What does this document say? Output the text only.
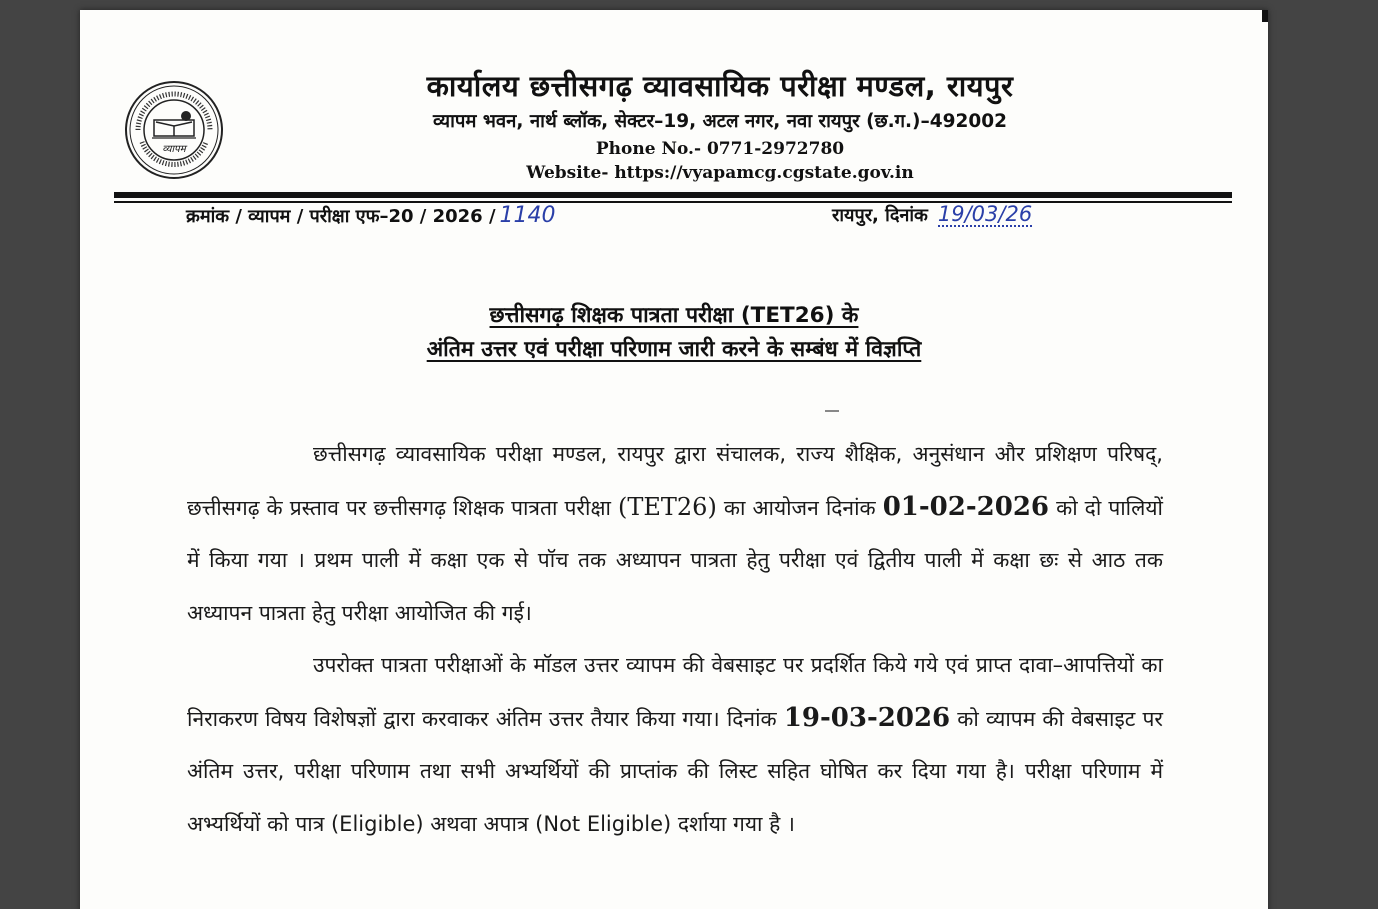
व्यापम
कार्यालय छत्तीसगढ़ व्यावसायिक परीक्षा मण्डल, रायपुर
व्यापम भवन, नार्थ ब्लॉक, सेक्टर–19, अटल नगर, नवा रायपुर (छ.ग.)–492002
Phone No.- 0771-2972780
Website- https://vyapamcg.cgstate.gov.in
क्रमांक / व्यापम / परीक्षा एफ–20 / 2026 / 1140	रायपुर, दिनांक 19/03/26
छत्तीसगढ़ शिक्षक पात्रता परीक्षा (TET26) के
अंतिम उत्तर एवं परीक्षा परिणाम जारी करने के सम्बंध में विज्ञप्ति

छत्तीसगढ़ व्यावसायिक परीक्षा मण्डल, रायपुर द्वारा संचालक, राज्य शैक्षिक, अनुसंधान और प्रशिक्षण परिषद्, छत्तीसगढ़ के प्रस्ताव पर छत्तीसगढ़ शिक्षक पात्रता परीक्षा (TET26) का आयोजन दिनांक 01-02-2026 को दो पालियों में किया गया । प्रथम पाली में कक्षा एक से पॉच तक अध्यापन पात्रता हेतु परीक्षा एवं द्वितीय पाली में कक्षा छः से आठ तक अध्यापन पात्रता हेतु परीक्षा आयोजित की गई।

उपरोक्त पात्रता परीक्षाओं के मॉडल उत्तर व्यापम की वेबसाइट पर प्रदर्शित किये गये एवं प्राप्त दावा–आपत्तियों का निराकरण विषय विशेषज्ञों द्वारा करवाकर अंतिम उत्तर तैयार किया गया। दिनांक 19-03-2026 को व्यापम की वेबसाइट पर अंतिम उत्तर, परीक्षा परिणाम तथा सभी अभ्यर्थियों की प्राप्तांक की लिस्ट सहित घोषित कर दिया गया है। परीक्षा परिणाम में अभ्यर्थियों को पात्र (Eligible) अथवा अपात्र (Not Eligible) दर्शाया गया है ।
